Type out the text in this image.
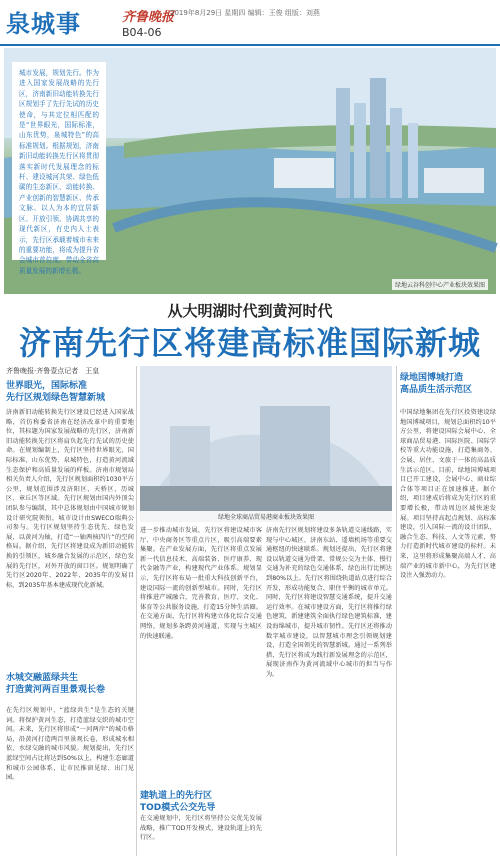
泉城事	齐鲁晚报
2019年8月29日 星期四 编辑：王俊 组版：刘燕
B04-06
绿地云谷科创中心产业板块效果图

城市发展，规划先行。作为进入国家发展战略的先行区，济南新旧动能转换先行区规划手了先行先试的历史使命，与其定位相匹配的是“世界眼光，国际标准，山东优势，泉城特色”的高标准规划。根据规划，济南新旧动能转换先行区将贯彻落实新时代发展理念的标杆、建设城河共荣、绿色低碳的生态新区、动能转换、产业创新的智慧新区、传承文脉、以人为本的宜居新区、开放引领、协调共享的现代新区，有史内人士表示，先行区承载着城市未来的重要功能，将成为提升省会城市首位度、带动全省高质量发展的新增长极。

从大明湖时代到黄河时代
济南先行区将建高标准国际新城
齐鲁晚报·齐鲁壹点记者　王皇
世界眼光，国际标准
先行区规划绿色智慧新城
绿地全球商品贸易港商业板块效果图
济南新旧动能转换先行区建设已经进入国家战略，首仿称委省济南在经济改革中的重要地位，其标题为国家发展战略的先行区，济南新旧动能转换先行区将肩负起先行先试的历史使命。在规划编制上，先行区坚持世界眼光、国际标准、山东优势、泉城特色，打造黄河流域生态保护和高质量发展的样板。济南市规划局相关负责人介绍，先行区规划面积约1030平方公里，规划范围涉及济阳区、天桥区、历城区、章丘区等区域。先行区规划由国内外顶尖团队参与编制，其中总体规划由中国城市规划设计研究院领衔，城市设计由SWECO瑞典公司参与。先行区规划坚持生态优先、绿色发展，以黄河为轴，打造“一轴两核四片”的空间格局。据介绍，先行区将建设成为新旧动能转换的引领区，城乡融合发展的示范区，绿色发展的先行区，对外开放的窗口区。规划明确了先行区2020年、2022年、2035年的发展目标，到2035年基本建成现代化新城。
水城交融蓝绿共生
打造黄河两百里景观长卷
在先行区规划中，“蓝绿共生”是生态的关键词。将保护黄河生态，打造蓝绿交织的城市空间。未来，先行区将形成“一河两岸”的城市格局，沿黄河打造两百里景观长卷，形成城水相依、水绿交融的城市风貌。规划提出，先行区蓝绿空间占比将达到50%以上，构建生态廊道和城市公园体系，让市民推窗见绿、出门见园。
进一步推动城市发展，先行区将建设城市客厅、中央商务区等重点片区，吸引高端要素集聚。在产业发展方面，先行区将重点发展新一代信息技术、高端装备、医疗康养、现代金融等产业，构建现代产业体系。规划显示，先行区将布局一批重大科技创新平台，建设国际一流的创新型城市。同时，先行区将推进产城融合，完善教育、医疗、文化、体育等公共服务设施，打造15分钟生活圈。在交通方面，先行区将构建立体化综合交通网络，规划多条跨黄河通道，实现与主城区的快速联通。
建轨道上的先行区
TOD模式公交先导
在交通规划中，先行区将坚持公交优先发展战略，推广TOD开发模式，建设轨道上的先行区。
济南先行区规划将建设多条轨道交通线路，实现与中心城区、济南东站、遥墙机场等重要交通枢纽的快速联系。规划还提出，先行区将建设以轨道交通为骨架、常规公交为主体、慢行交通为补充的绿色交通体系，绿色出行比例达到80%以上。先行区将围绕轨道站点进行综合开发，形成功能复合、职住平衡的城市单元。同时，先行区将建设智慧交通系统，提升交通运行效率。在城市建设方面，先行区将推行绿色建筑，新建建筑全面执行绿色建筑标准，建设海绵城市，提升城市韧性。先行区还将推动数字城市建设，以智慧城市理念引领规划建设，打造全国领先的智慧新城。通过一系列举措，先行区将成为践行新发展理念的示范区，展现济南作为黄河流域中心城市的担当与作为。
绿地国博城打造
高品质生活示范区
中国绿地集团在先行区投资建设绿地国博城项目，规划总面积约10平方公里，将建设国际会展中心、全球商品贸易港、国际医院、国际学校等重大功能设施，打造集商务、会展、居住、文旅于一体的高品质生活示范区。目前，绿地国博城项目已开工建设，会展中心、商业综合体等项目正在加速推进。据介绍，项目建成后将成为先行区的重要增长极，带动周边区域快速发展。项目坚持高起点规划、高标准建设，引入国际一流的设计团队，融合生态、科技、人文等元素，努力打造新时代城市建设的标杆。未来，这里将形成集聚高端人才、高端产业的城市新中心，为先行区建设注入强劲动力。
